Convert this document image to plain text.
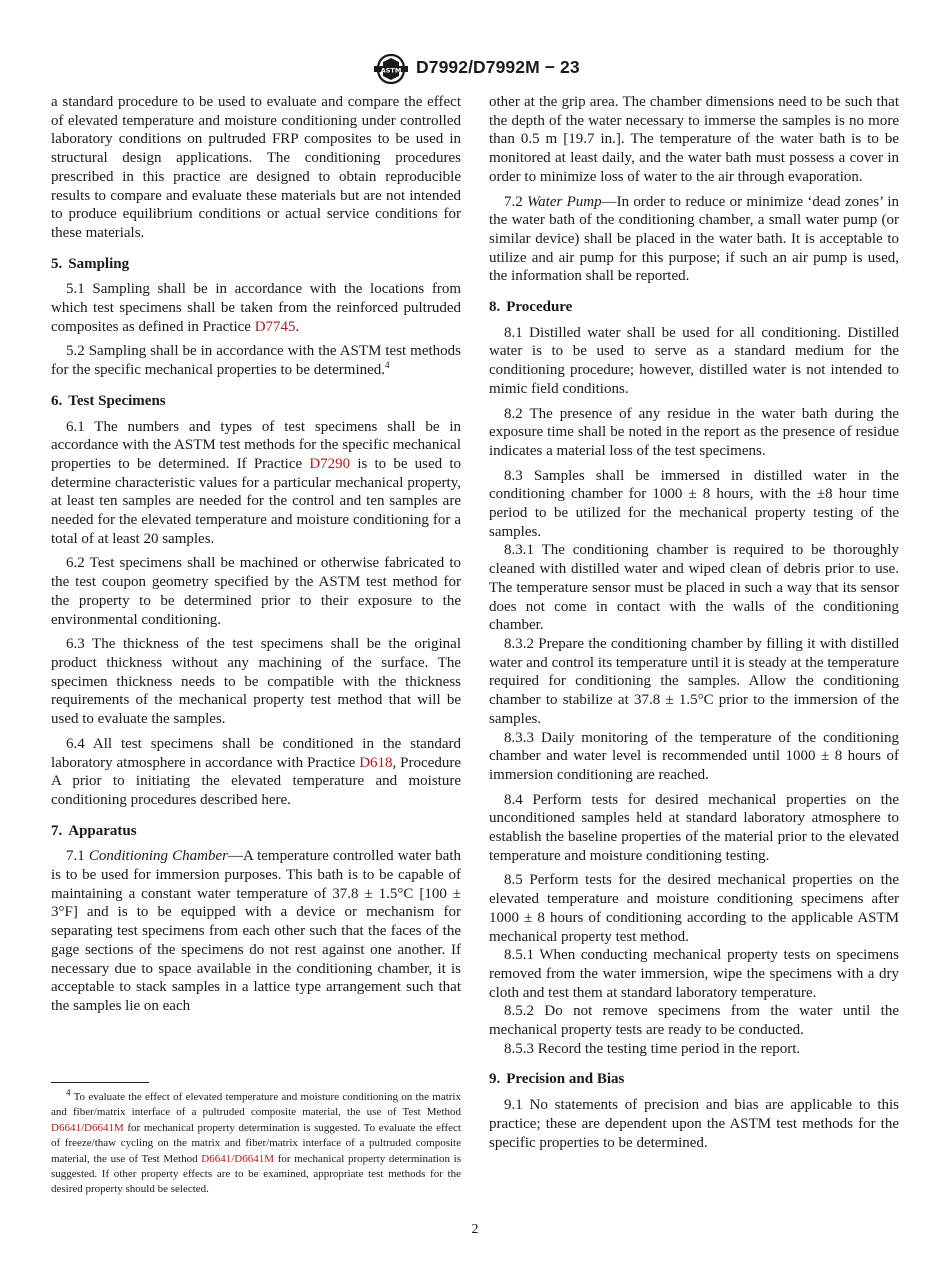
ASTM D7992/D7992M − 23

a standard procedure to be used to evaluate and compare the effect of elevated temperature and moisture conditioning under controlled laboratory conditions on pultruded FRP composites to be used in structural design applications. The conditioning procedures prescribed in this practice are designed to obtain reproducible results to compare and evaluate these materials but are not intended to produce equilibrium conditions or actual service conditions for these materials.

5. Sampling

5.1 Sampling shall be in accordance with the locations from which test specimens shall be taken from the reinforced pultruded composites as defined in Practice D7745.

5.2 Sampling shall be in accordance with the ASTM test methods for the specific mechanical properties to be determined.$^4$

6. Test Specimens

6.1 The numbers and types of test specimens shall be in accordance with the ASTM test methods for the specific mechanical properties to be determined. If Practice D7290 is to be used to determine characteristic values for a particular mechanical property, at least ten samples are needed for the control and ten samples are needed for the elevated temperature and moisture conditioning for a total of at least 20 samples.

6.2 Test specimens shall be machined or otherwise fabricated to the test coupon geometry specified by the ASTM test method for the property to be determined prior to their exposure to the environmental conditioning.

6.3 The thickness of the test specimens shall be the original product thickness without any machining of the surface. The specimen thickness needs to be compatible with the thickness requirements of the mechanical property test method that will be used to evaluate the samples.

6.4 All test specimens shall be conditioned in the standard laboratory atmosphere in accordance with Practice D618, Procedure A prior to initiating the elevated temperature and moisture conditioning procedures described here.

7. Apparatus

7.1 Conditioning Chamber—A temperature controlled water bath is to be used for immersion purposes. This bath is to be capable of maintaining a constant water temperature of 37.8 ± 1.5°C [100 ± 3°F] and is to be equipped with a device or mechanism for separating test specimens from each other such that the faces of the gage sections of the specimens do not rest against one another. If necessary due to space available in the conditioning chamber, it is acceptable to stack samples in a lattice type arrangement such that the samples lie on each

$^4$ To evaluate the effect of elevated temperature and moisture conditioning on the matrix and fiber/matrix interface of a pultruded composite material, the use of Test Method D6641/D6641M for mechanical property determination is suggested. To evaluate the effect of freeze/thaw cycling on the matrix and fiber/matrix interface of a pultruded composite material, the use of Test Method D6641/D6641M for mechanical property determination is suggested. If other property effects are to be examined, appropriate test methods for the desired property should be selected.

other at the grip area. The chamber dimensions need to be such that the depth of the water necessary to immerse the samples is no more than 0.5 m [19.7 in.]. The temperature of the water bath is to be monitored at least daily, and the water bath must possess a cover in order to minimize loss of water to the air through evaporation.

7.2 Water Pump—In order to reduce or minimize ‘dead zones’ in the water bath of the conditioning chamber, a small water pump (or similar device) shall be placed in the water bath. It is acceptable to utilize and air pump for this purpose; if such an air pump is used, the information shall be reported.

8. Procedure

8.1 Distilled water shall be used for all conditioning. Distilled water is to be used to serve as a standard medium for the conditioning procedure; however, distilled water is not intended to mimic field conditions.

8.2 The presence of any residue in the water bath during the exposure time shall be noted in the report as the presence of residue indicates a material loss of the test specimens.

8.3 Samples shall be immersed in distilled water in the conditioning chamber for 1000 ± 8 hours, with the ±8 hour time period to be utilized for the mechanical property testing of the samples.

8.3.1 The conditioning chamber is required to be thoroughly cleaned with distilled water and wiped clean of debris prior to use. The temperature sensor must be placed in such a way that its sensor does not come in contact with the walls of the conditioning chamber.

8.3.2 Prepare the conditioning chamber by filling it with distilled water and control its temperature until it is steady at the temperature required for conditioning the samples. Allow the conditioning chamber to stabilize at 37.8 ± 1.5°C prior to the immersion of the samples.

8.3.3 Daily monitoring of the temperature of the conditioning chamber and water level is recommended until 1000 ± 8 hours of immersion conditioning are reached.

8.4 Perform tests for desired mechanical properties on the unconditioned samples held at standard laboratory atmosphere to establish the baseline properties of the material prior to the elevated temperature and moisture conditioning testing.

8.5 Perform tests for the desired mechanical properties on the elevated temperature and moisture conditioning specimens after 1000 ± 8 hours of conditioning according to the applicable ASTM mechanical property test method.

8.5.1 When conducting mechanical property tests on specimens removed from the water immersion, wipe the specimens with a dry cloth and test them at standard laboratory temperature.

8.5.2 Do not remove specimens from the water until the mechanical property tests are ready to be conducted.

8.5.3 Record the testing time period in the report.

9. Precision and Bias

9.1 No statements of precision and bias are applicable to this practice; these are dependent upon the ASTM test methods for the specific properties to be determined.

2
